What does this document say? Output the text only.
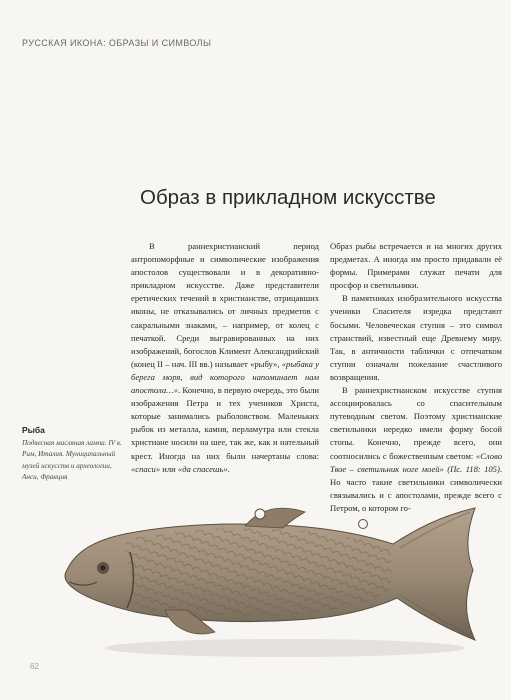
РУССКАЯ ИКОНА: ОБРАЗЫ И СИМВОЛЫ
Образ в прикладном искусстве

В раннехристианский период антропоморфные и символические изображения апостолов существовали и в декоративно-прикладном искусстве. Даже представители еретических течений в христианстве, отрицавших иконы, не отказывались от личных предметов с сакральными знаками, – например, от колец с печаткой. Среди выгравированных на них изображений, богослов Климент Александрийский (конец II – нач. III вв.) называет «рыбу», «рыбака у берега моря, вид которого напоминает нам апостола…». Конечно, в первую очередь, это были изображения Петра и тех учеников Христа, которые занимались рыболовством. Маленьких рыбок из металла, камня, перламутра или стекла христиане носили на шее, так же, как и нательный крест. Иногда на них были начертаны слова: «спаси» или «да спасешь».

Образ рыбы встречается и на многих других предметах. А иногда им просто придавали её формы. Примерами служат печати для просфор и светильники.

В памятниках изобразительного искусства ученики Спасителя изредка предстают босыми. Человеческая ступня – это символ странствий, известный еще Древнему миру. Так, в античности таблички с отпечатком ступни означали пожелание счастливого возвращения.

В раннехристианском искусстве ступня ассоциировалась со спасительным путеводным светом. Поэтому христианские светильники нередко имели форму босой стопы. Конечно, прежде всего, они соотносились с божественным светом: «Слово Твое – светильник ноге моей» (Пс. 118: 105). Но часто такие светильники символически связывались и с апостолами, прежде всего с Петром, о котором го-

Рыба
Подвесная масляная лампа. IV в. Рим, Италия. Муниципальный музей искусств и археологии, Анси, Франция
62
